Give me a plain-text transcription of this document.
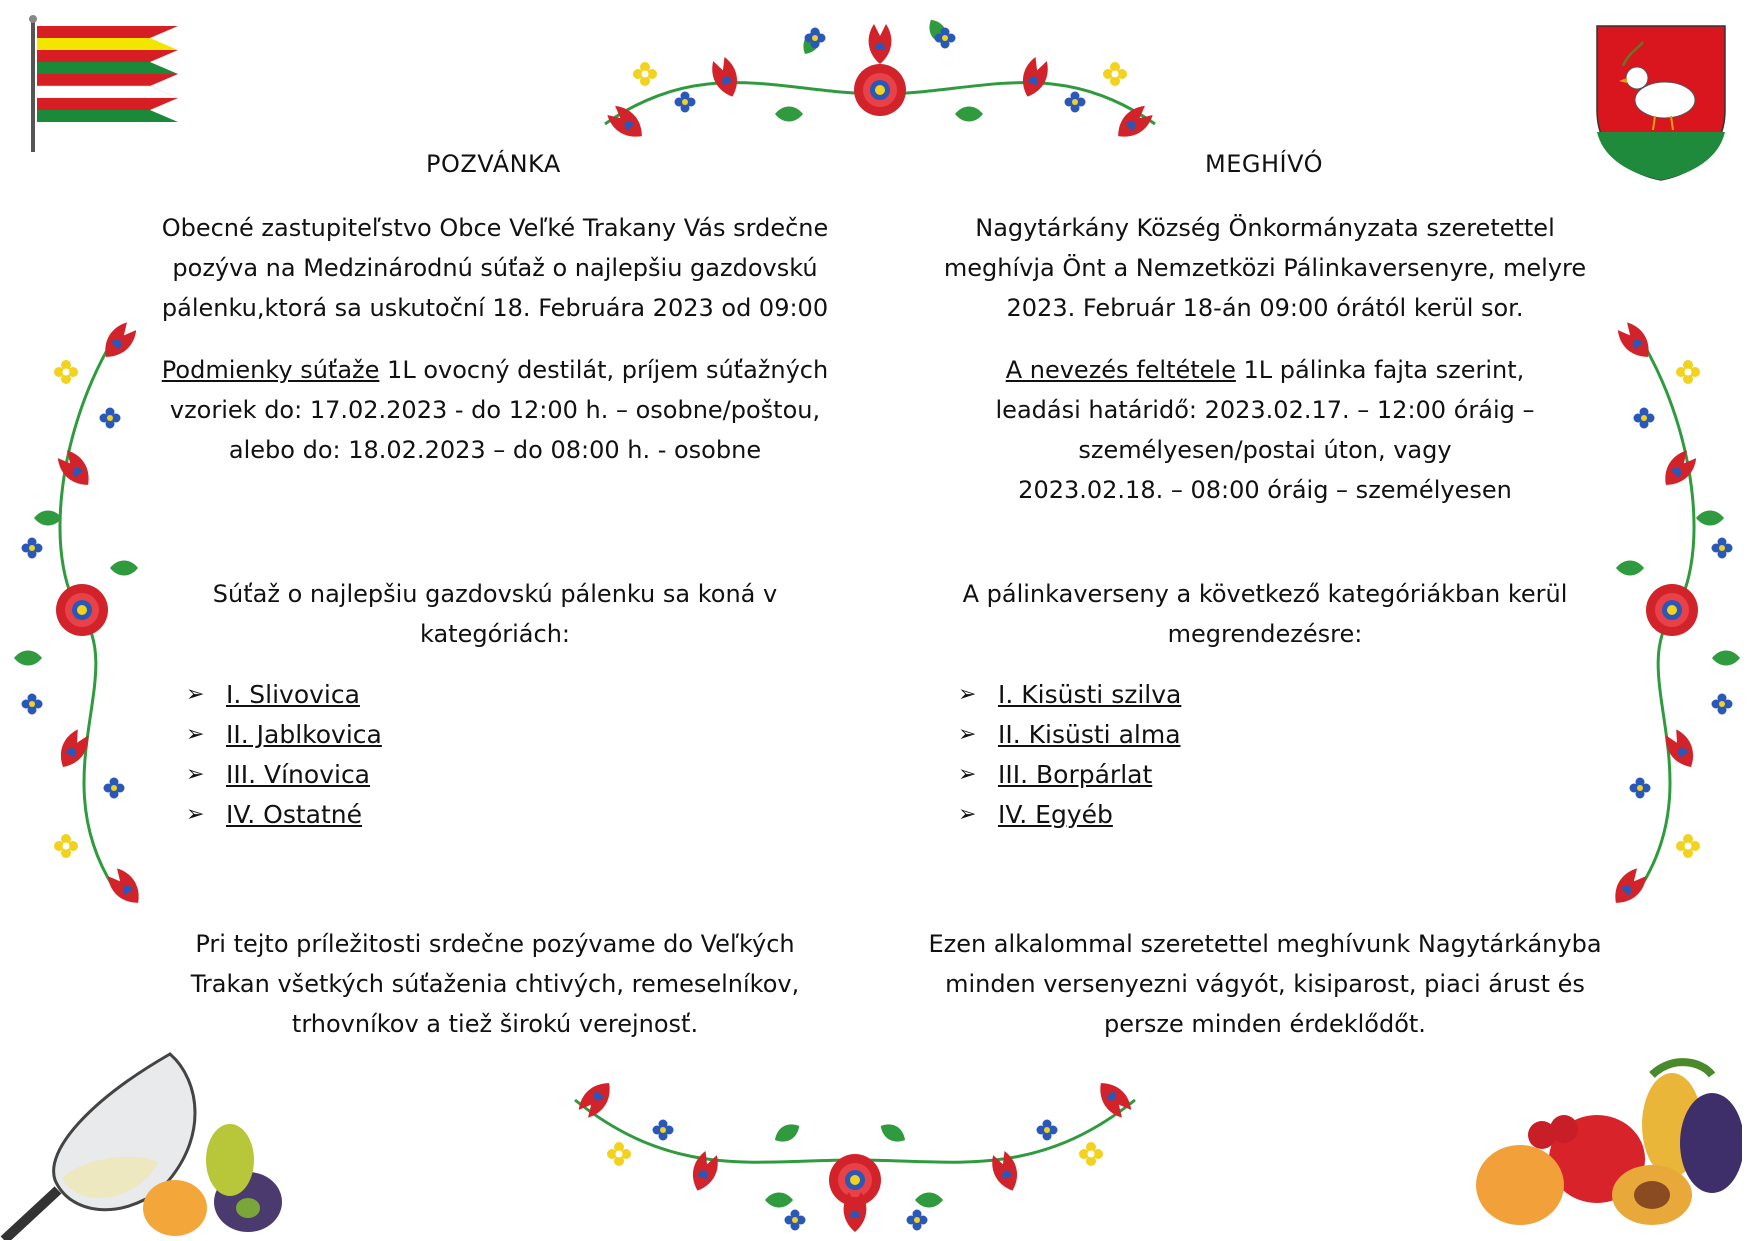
POZVÁNKA

Obecné zastupiteľstvo Obce Veľké Trakany Vás srdečne

pozýva na Medzinárodnú súťaž o najlepšiu gazdovskú

pálenku,ktorá sa uskutoční 18. Februára 2023 od 09:00

Podmienky súťaže 1L ovocný destilát, príjem súťažných

vzoriek do: 17.02.2023 - do 12:00 h. – osobne/poštou,

alebo do: 18.02.2023 – do 08:00 h. - osobne

Súťaž o najlepšiu gazdovskú pálenku sa koná v

kategóriách:

➢ I. Slivovica
➢ II. Jablkovica
➢ III. Vínovica
➢ IV. Ostatné

Pri tejto príležitosti srdečne pozývame do Veľkých

Trakan všetkých súťaženia chtivých, remeselníkov,

trhovníkov a tiež širokú verejnosť.

MEGHÍVÓ

Nagytárkány Község Önkormányzata szeretettel

meghívja Önt a Nemzetközi Pálinkaversenyre, melyre

2023. Február 18-án 09:00 órától kerül sor.

A nevezés feltétele 1L pálinka fajta szerint,

leadási határidő: 2023.02.17. – 12:00 óráig –

személyesen/postai úton, vagy

2023.02.18. – 08:00 óráig – személyesen

A pálinkaverseny a következő kategóriákban kerül

megrendezésre:

➢ I. Kisüsti szilva
➢ II. Kisüsti alma
➢ III. Borpárlat
➢ IV. Egyéb

Ezen alkalommal szeretettel meghívunk Nagytárkányba

minden versenyezni vágyót, kisiparost, piaci árust és

persze minden érdeklődőt.
